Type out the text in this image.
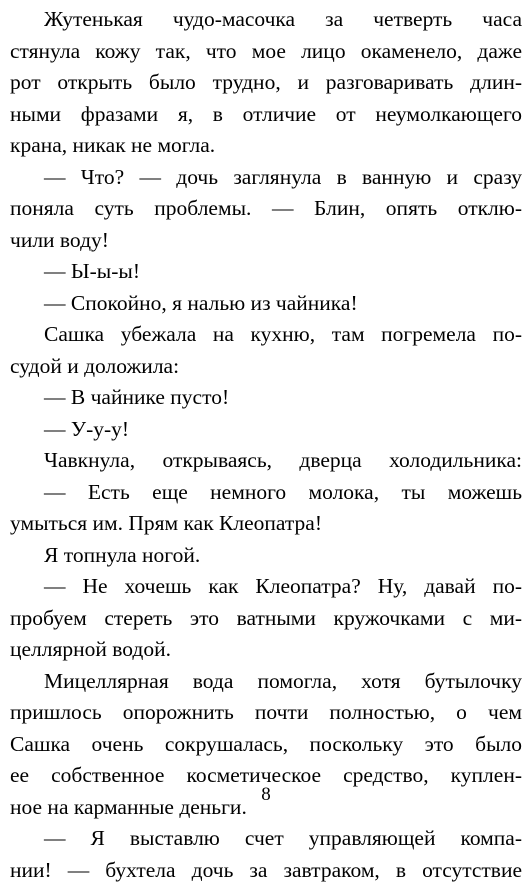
Жутенькая чудо-масочка за четверть часа
стянула кожу так, что мое лицо окаменело, даже
рот открыть было трудно, и разговаривать длин-
ными фразами я, в отличие от неумолкающего
крана, никак не могла.
— Что? — дочь заглянула в ванную и сразу
поняла суть проблемы. — Блин, опять отклю-
чили воду!
— Ы-ы-ы!
— Спокойно, я налью из чайника!
Сашка убежала на кухню, там погремела по-
судой и доложила:
— В чайнике пусто!
— У-у-у!
Чавкнула, открываясь, дверца холодильника:
— Есть еще немного молока, ты можешь
умыться им. Прям как Клеопатра!
Я топнула ногой.
— Не хочешь как Клеопатра? Ну, давай по-
пробуем стереть это ватными кружочками с ми-
целлярной водой.
Мицеллярная вода помогла, хотя бутылочку
пришлось опорожнить почти полностью, о чем
Сашка очень сокрушалась, поскольку это было
ее собственное косметическое средство, куплен-
ное на карманные деньги.
— Я выставлю счет управляющей компа-
нии! — бухтела дочь за завтраком, в отсутствие
8
